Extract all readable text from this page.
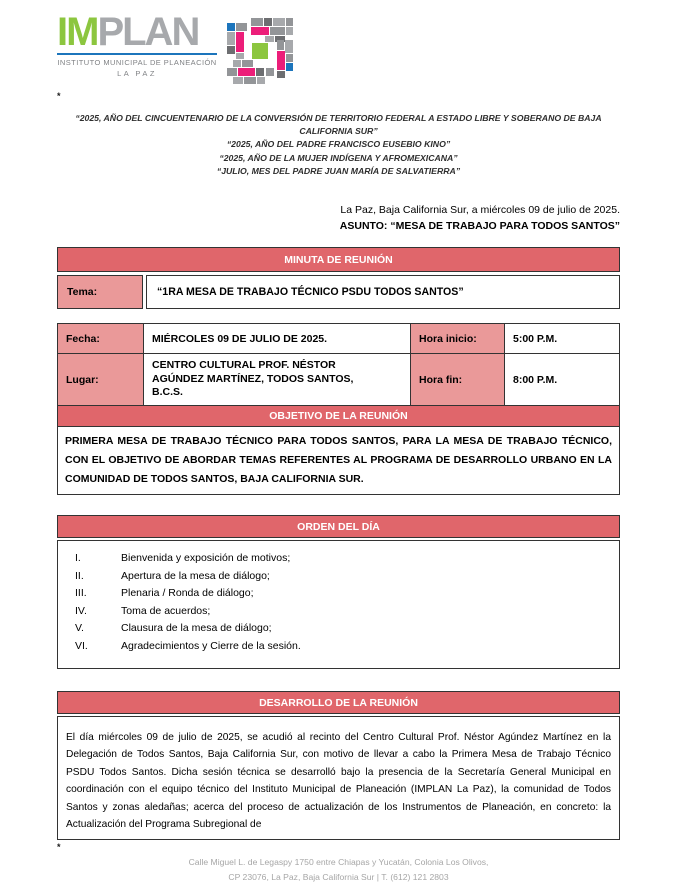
IMPLAN
INSTITUTO MUNICIPAL DE PLANEACIÓN
LA PAZ
*
“2025, AÑO DEL CINCUENTENARIO DE LA CONVERSIÓN DE TERRITORIO FEDERAL A ESTADO LIBRE Y SOBERANO DE BAJA CALIFORNIA SUR”
“2025, AÑO DEL PADRE FRANCISCO EUSEBIO KINO”
“2025, AÑO DE LA MUJER INDÍGENA Y AFROMEXICANA”
“JULIO, MES DEL PADRE JUAN MARÍA DE SALVATIERRA”
La Paz, Baja California Sur, a miércoles 09 de julio de 2025.
ASUNTO: “MESA DE TRABAJO PARA TODOS SANTOS”
MINUTA DE REUNIÓN
Tema:	“1RA MESA DE TRABAJO TÉCNICO PSDU TODOS SANTOS”
Fecha:	MIÉRCOLES 09 DE JULIO DE 2025.	Hora inicio:	5:00 P.M.
Lugar:	CENTRO CULTURAL PROF. NÉSTOR AGÚNDEZ MARTÍNEZ, TODOS SANTOS, B.C.S.	Hora fin:	8:00 P.M.
OBJETIVO DE LA REUNIÓN			
PRIMERA MESA DE TRABAJO TÉCNICO PARA TODOS SANTOS, PARA LA MESA DE TRABAJO TÉCNICO, CON EL OBJETIVO DE ABORDAR TEMAS REFERENTES AL PROGRAMA DE DESARROLLO URBANO EN LA COMUNIDAD DE TODOS SANTOS, BAJA CALIFORNIA SUR.			
ORDEN DEL DÍA
I.	Bienvenida y exposición de motivos;
II.	Apertura de la mesa de diálogo;
III.	Plenaria / Ronda de diálogo;
IV.	Toma de acuerdos;
V.	Clausura de la mesa de diálogo;
VI.	Agradecimientos y Cierre de la sesión.
DESARROLLO DE LA REUNIÓN
El día miércoles 09 de julio de 2025, se acudió al recinto del Centro Cultural Prof. Néstor Agúndez Martínez en la Delegación de Todos Santos, Baja California Sur, con motivo de llevar a cabo la Primera Mesa de Trabajo Técnico PSDU Todos Santos. Dicha sesión técnica se desarrolló bajo la presencia de la Secretaría General Municipal en coordinación con el equipo técnico del Instituto Municipal de Planeación (IMPLAN La Paz), la comunidad de Todos Santos y zonas aledañas; acerca del proceso de actualización de los Instrumentos de Planeación, en concreto: la Actualización del Programa Subregional de
*
Calle Miguel L. de Legaspy 1750 entre Chiapas y Yucatán, Colonia Los Olivos,
CP 23076, La Paz, Baja California Sur | T. (612) 121 2803
